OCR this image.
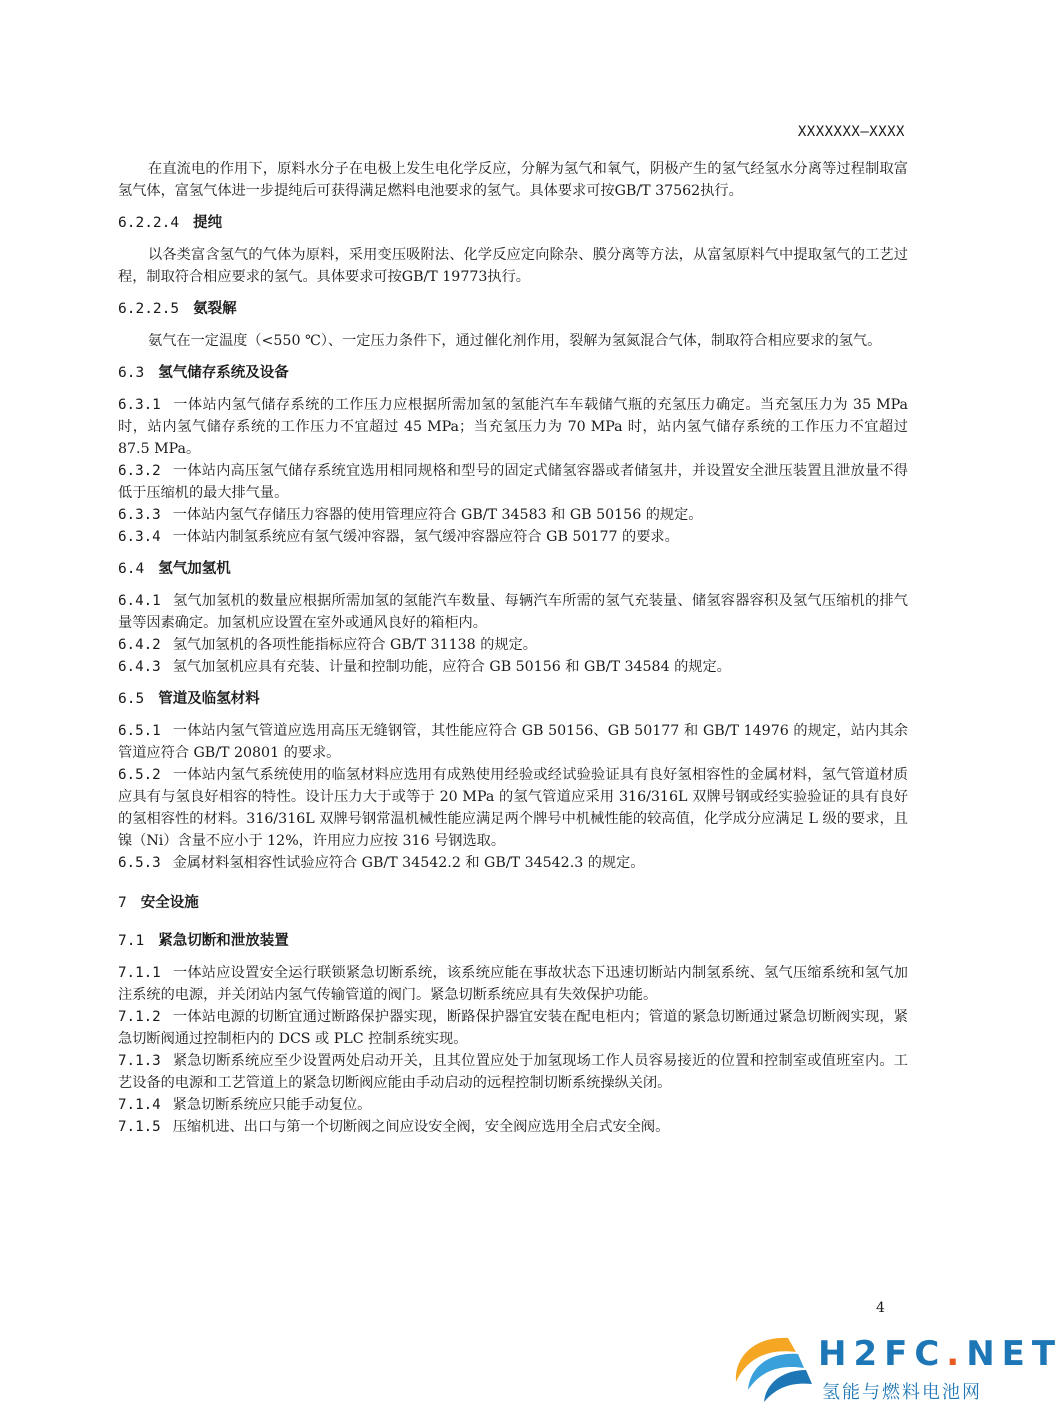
XXXXXXX—XXXX
在直流电的作用下，原料水分子在电极上发生电化学反应，分解为氢气和氧气，阴极产生的氢气经氢水分离等过程制取富氢气体，富氢气体进一步提纯后可获得满足燃料电池要求的氢气。具体要求可按GB/T 37562执行。
6.2.2.4 提纯
以各类富含氢气的气体为原料，采用变压吸附法、化学反应定向除杂、膜分离等方法，从富氢原料气中提取氢气的工艺过程，制取符合相应要求的氢气。具体要求可按GB/T 19773执行。
6.2.2.5 氨裂解
氨气在一定温度（<550 ℃）、一定压力条件下，通过催化剂作用，裂解为氢氮混合气体，制取符合相应要求的氢气。
6.3 氢气储存系统及设备
6.3.1 一体站内氢气储存系统的工作压力应根据所需加氢的氢能汽车车载储气瓶的充氢压力确定。当充氢压力为 35 MPa 时，站内氢气储存系统的工作压力不宜超过 45 MPa；当充氢压力为 70 MPa 时，站内氢气储存系统的工作压力不宜超过 87.5 MPa。
6.3.2 一体站内高压氢气储存系统宜选用相同规格和型号的固定式储氢容器或者储氢井，并设置安全泄压装置且泄放量不得低于压缩机的最大排气量。
6.3.3 一体站内氢气存储压力容器的使用管理应符合 GB/T 34583 和 GB 50156 的规定。
6.3.4 一体站内制氢系统应有氢气缓冲容器，氢气缓冲容器应符合 GB 50177 的要求。
6.4 氢气加氢机
6.4.1 氢气加氢机的数量应根据所需加氢的氢能汽车数量、每辆汽车所需的氢气充装量、储氢容器容积及氢气压缩机的排气量等因素确定。加氢机应设置在室外或通风良好的箱柜内。
6.4.2 氢气加氢机的各项性能指标应符合 GB/T 31138 的规定。
6.4.3 氢气加氢机应具有充装、计量和控制功能，应符合 GB 50156 和 GB/T 34584 的规定。
6.5 管道及临氢材料
6.5.1 一体站内氢气管道应选用高压无缝钢管，其性能应符合 GB 50156、GB 50177 和 GB/T 14976 的规定，站内其余管道应符合 GB/T 20801 的要求。
6.5.2 一体站内氢气系统使用的临氢材料应选用有成熟使用经验或经试验验证具有良好氢相容性的金属材料，氢气管道材质应具有与氢良好相容的特性。设计压力大于或等于 20 MPa 的氢气管道应采用 316/316L 双牌号钢或经实验验证的具有良好的氢相容性的材料。316/316L 双牌号钢常温机械性能应满足两个牌号中机械性能的较高值，化学成分应满足 L 级的要求，且镍（Ni）含量不应小于 12%，许用应力应按 316 号钢选取。
6.5.3 金属材料氢相容性试验应符合 GB/T 34542.2 和 GB/T 34542.3 的规定。
7 安全设施
7.1 紧急切断和泄放装置
7.1.1 一体站应设置安全运行联锁紧急切断系统，该系统应能在事故状态下迅速切断站内制氢系统、氢气压缩系统和氢气加注系统的电源，并关闭站内氢气传输管道的阀门。紧急切断系统应具有失效保护功能。
7.1.2 一体站电源的切断宜通过断路保护器实现，断路保护器宜安装在配电柜内；管道的紧急切断通过紧急切断阀实现，紧急切断阀通过控制柜内的 DCS 或 PLC 控制系统实现。
7.1.3 紧急切断系统应至少设置两处启动开关，且其位置应处于加氢现场工作人员容易接近的位置和控制室或值班室内。工艺设备的电源和工艺管道上的紧急切断阀应能由手动启动的远程控制切断系统操纵关闭。
7.1.4 紧急切断系统应只能手动复位。
7.1.5 压缩机进、出口与第一个切断阀之间应设安全阀，安全阀应选用全启式安全阀。
4
H2FC.NET
氢能与燃料电池网
